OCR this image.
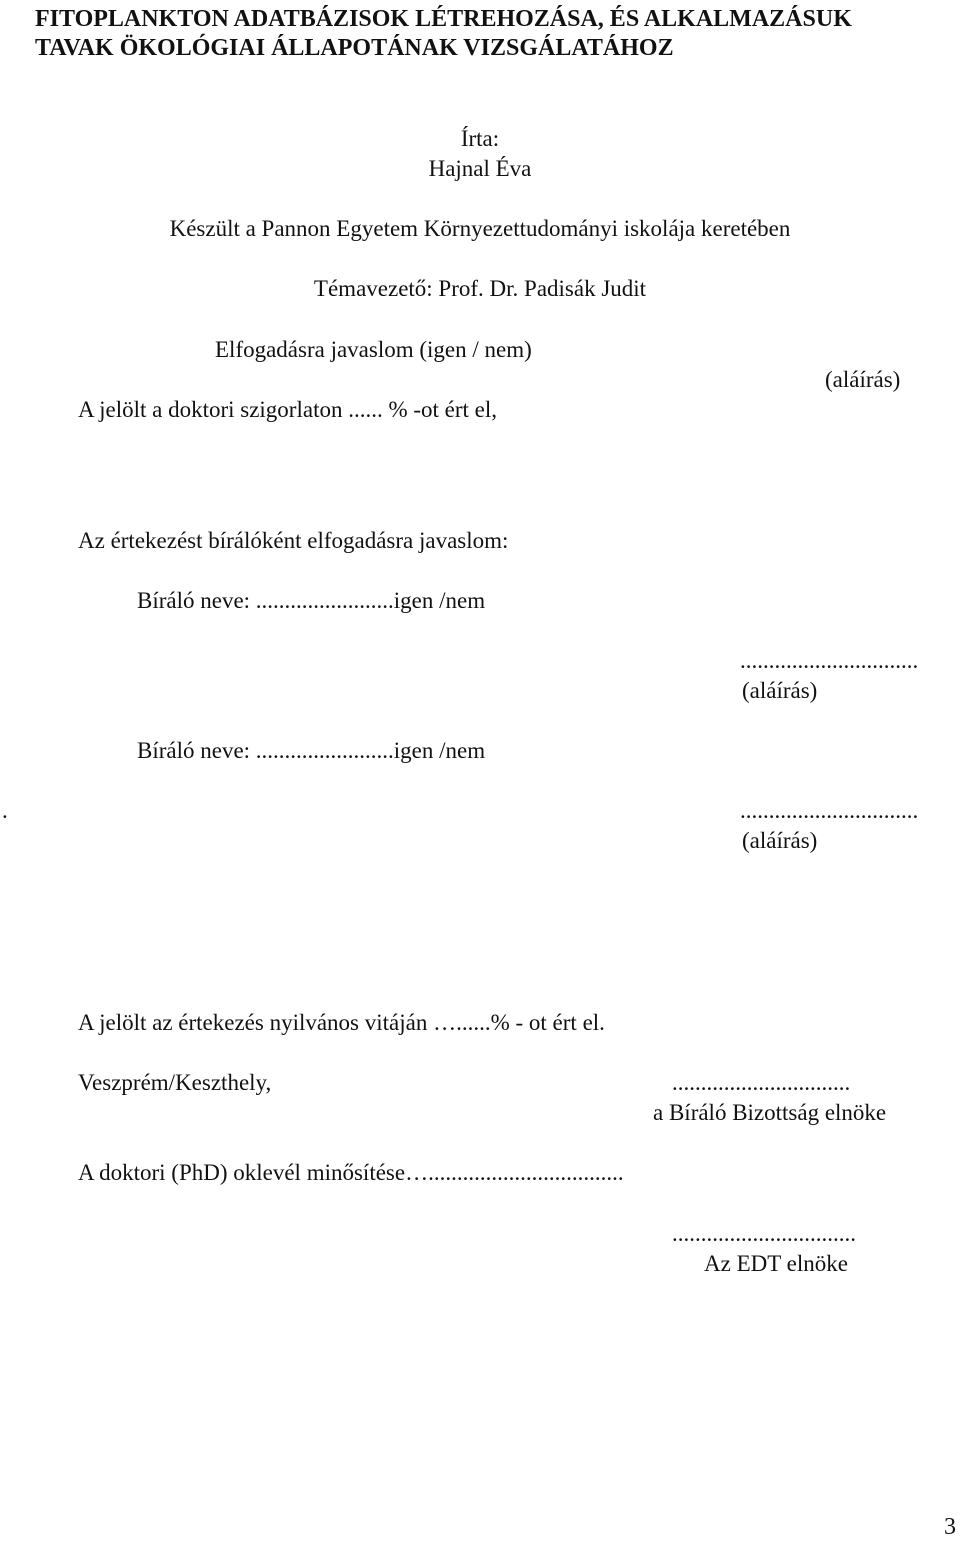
FITOPLANKTON ADATBÁZISOK LÉTREHOZÁSA, ÉS ALKALMAZÁSUK
TAVAK ÖKOLÓGIAI ÁLLAPOTÁNAK VIZSGÁLATÁHOZ
Írta:
Hajnal Éva
Készült a Pannon Egyetem Környezettudományi iskolája keretében
Témavezető: Prof. Dr. Padisák Judit
Elfogadásra javaslom (igen / nem)
(aláírás)
A jelölt a doktori szigorlaton ...... % -ot ért el,
Az értekezést bírálóként elfogadásra javaslom:
Bíráló neve: ........................igen /nem
...............................
(aláírás)
Bíráló neve: ........................igen /nem
.	...............................
(aláírás)
A jelölt az értekezés nyilvános vitáján …......% - ot ért el.
Veszprém/Keszthely,	...............................
a Bíráló Bizottság elnöke
A doktori (PhD) oklevél minősítése…..................................
................................
Az EDT elnöke
3
